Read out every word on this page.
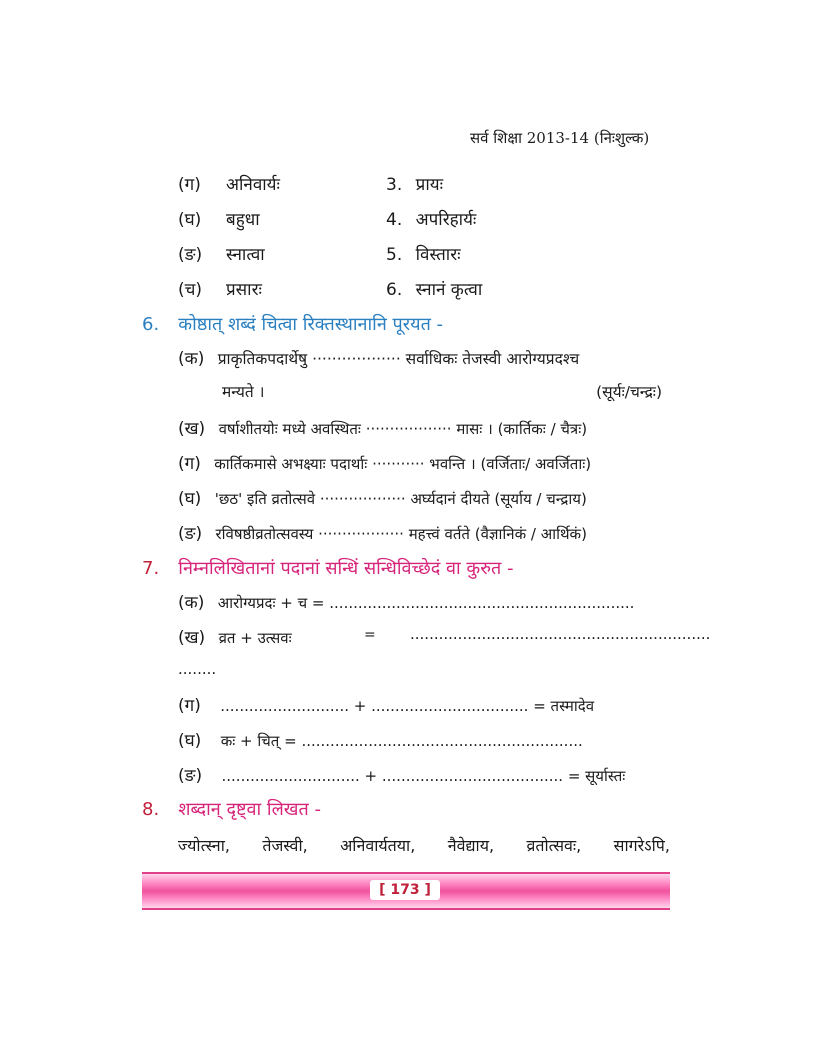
सर्व शिक्षा 2013-14 (निःशुल्क)
(ग) अनिवार्यः	3. प्रायः
(घ) बहुधा	4. अपरिहार्यः
(ङ) स्नात्वा	5. विस्तारः
(च) प्रसारः	6. स्नानं कृत्वा
6. कोष्ठात् शब्दं चित्वा रिक्तस्थानानि पूरयत -
(क) प्राकृतिकपदार्थेषु ·················· सर्वाधिकः तेजस्वी आरोग्यप्रदश्च
मन्यते ।	(सूर्यः/चन्द्रः)
(ख) वर्षाशीतयोः मध्ये अवस्थितः ·················· मासः । (कार्तिकः / चैत्रः)
(ग) कार्तिकमासे अभक्ष्याः पदार्थाः ··········· भवन्ति । (वर्जिताः/ अवर्जिताः)
(घ) 'छठ' इति व्रतोत्सवे ·················· अर्घ्यदानं दीयते (सूर्याय / चन्द्राय)
(ङ) रविषष्ठीव्रतोत्सवस्य ·················· महत्त्वं वर्तते (वैज्ञानिकं / आर्थिकं)
7. निम्नलिखितानां पदानां सन्धिं सन्धिविच्छेदं वा कुरुत -
(क) आरोग्यप्रदः + च = ................................................................
(ख) व्रत + उत्सवः	= ...............................................................
........
(ग) ........................... + ................................. = तस्मादेव
(घ) कः + चित् = ...........................................................
(ङ) ............................. + ...................................... = सूर्यास्तः
8. शब्दान् दृष्ट्वा लिखत -
ज्योत्स्ना, तेजस्वी, अनिवार्यतया, नैवेद्याय, व्रतोत्सवः, सागरेऽपि,
[ 173 ]
